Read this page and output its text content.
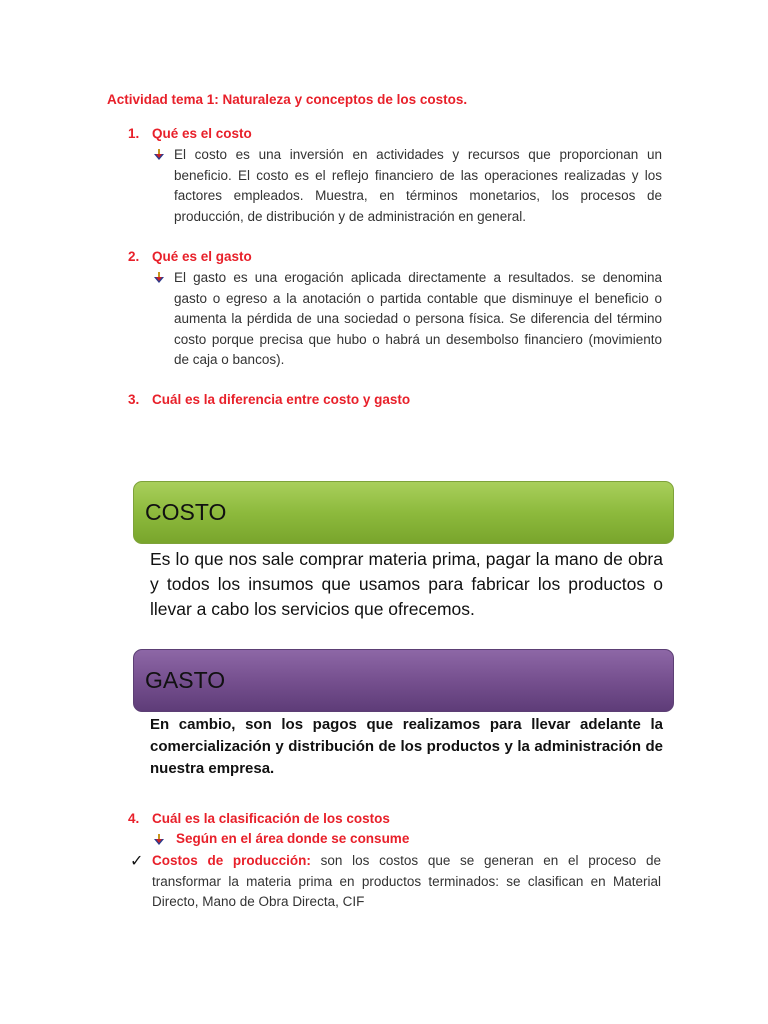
Actividad tema 1: Naturaleza y conceptos de los costos.
1. Qué es el costo
El costo es una inversión en actividades y recursos que proporcionan un beneficio. El costo es el reflejo financiero de las operaciones realizadas y los factores empleados. Muestra, en términos monetarios, los procesos de producción, de distribución y de administración en general.
2. Qué es el gasto
El gasto es una erogación aplicada directamente a resultados. se denomina gasto o egreso a la anotación o partida contable que disminuye el beneficio o aumenta la pérdida de una sociedad o persona física. Se diferencia del término costo porque precisa que hubo o habrá un desembolso financiero (movimiento de caja o bancos).
3. Cuál es la diferencia entre costo y gasto
COSTO
Es lo que nos sale comprar materia prima, pagar la mano de obra y todos los insumos que usamos para fabricar los productos o llevar a cabo los servicios que ofrecemos.
GASTO
En cambio, son los pagos que realizamos para llevar adelante la comercialización y distribución de los productos y la administración de nuestra empresa.
4. Cuál es la clasificación de los costos
Según en el área donde se consume
✓ Costos de producción: son los costos que se generan en el proceso de transformar la materia prima en productos terminados: se clasifican en Material Directo, Mano de Obra Directa, CIF
